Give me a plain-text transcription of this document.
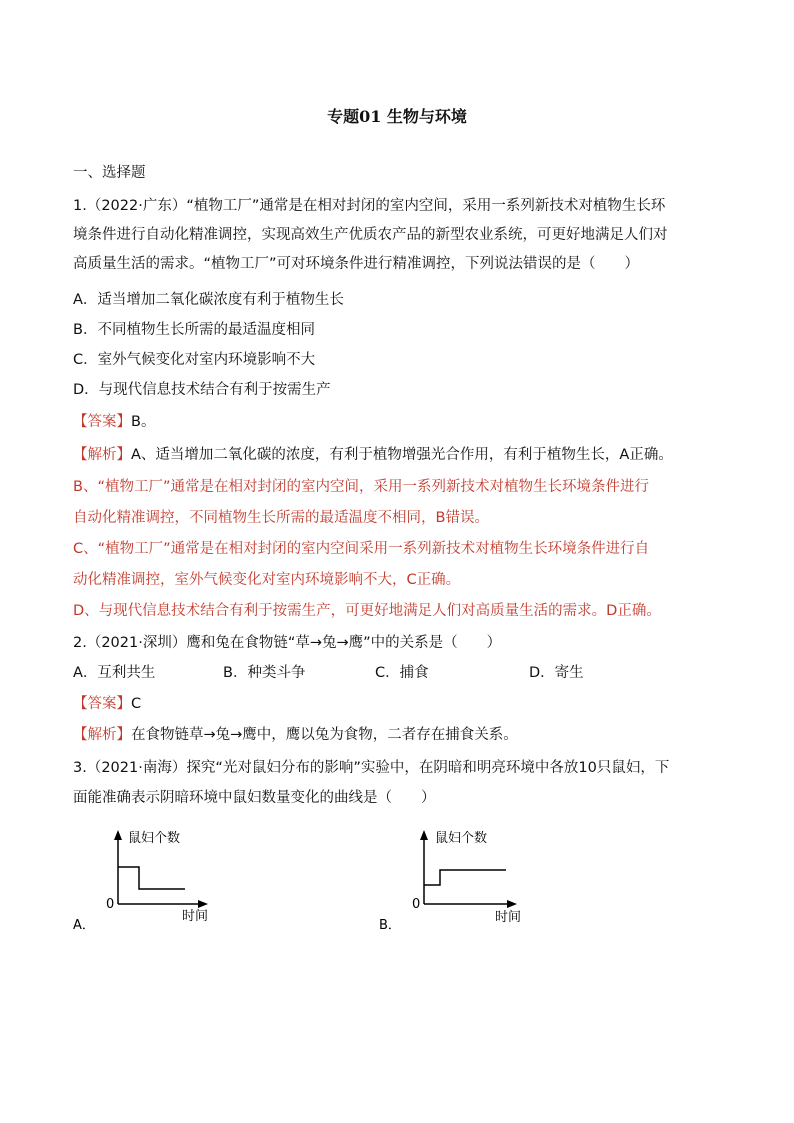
专题01 生物与环境
一、选择题
1.（2022·广东）“植物工厂”通常是在相对封闭的室内空间，采用一系列新技术对植物生长环
境条件进行自动化精准调控，实现高效生产优质农产品的新型农业系统，可更好地满足人们对
高质量生活的需求。“植物工厂”可对环境条件进行精准调控，下列说法错误的是（　　）
A．适当增加二氧化碳浓度有利于植物生长
B．不同植物生长所需的最适温度相同
C．室外气候变化对室内环境影响不大
D．与现代信息技术结合有利于按需生产
【答案】B。
【解析】A、适当增加二氧化碳的浓度，有利于植物增强光合作用，有利于植物生长，A正确。
B、“植物工厂”通常是在相对封闭的室内空间，采用一系列新技术对植物生长环境条件进行
自动化精准调控，不同植物生长所需的最适温度不相同，B错误。
C、“植物工厂”通常是在相对封闭的室内空间采用一系列新技术对植物生长环境条件进行自
动化精准调控，室外气候变化对室内环境影响不大，C正确。
D、与现代信息技术结合有利于按需生产，可更好地满足人们对高质量生活的需求。D正确。
2.（2021·深圳）鹰和兔在食物链“草→兔→鹰”中的关系是（　　）
A．互利共生	B．种类斗争	C．捕食	D．寄生
【答案】C
【解析】在食物链草→兔→鹰中，鹰以兔为食物，二者存在捕食关系。
3.（2021·南海）探究“光对鼠妇分布的影响”实验中，在阴暗和明亮环境中各放10只鼠妇，下
面能准确表示阴暗环境中鼠妇数量变化的曲线是（　　）
鼠妇个数
0
时间
A．
鼠妇个数
0
时间
B．
